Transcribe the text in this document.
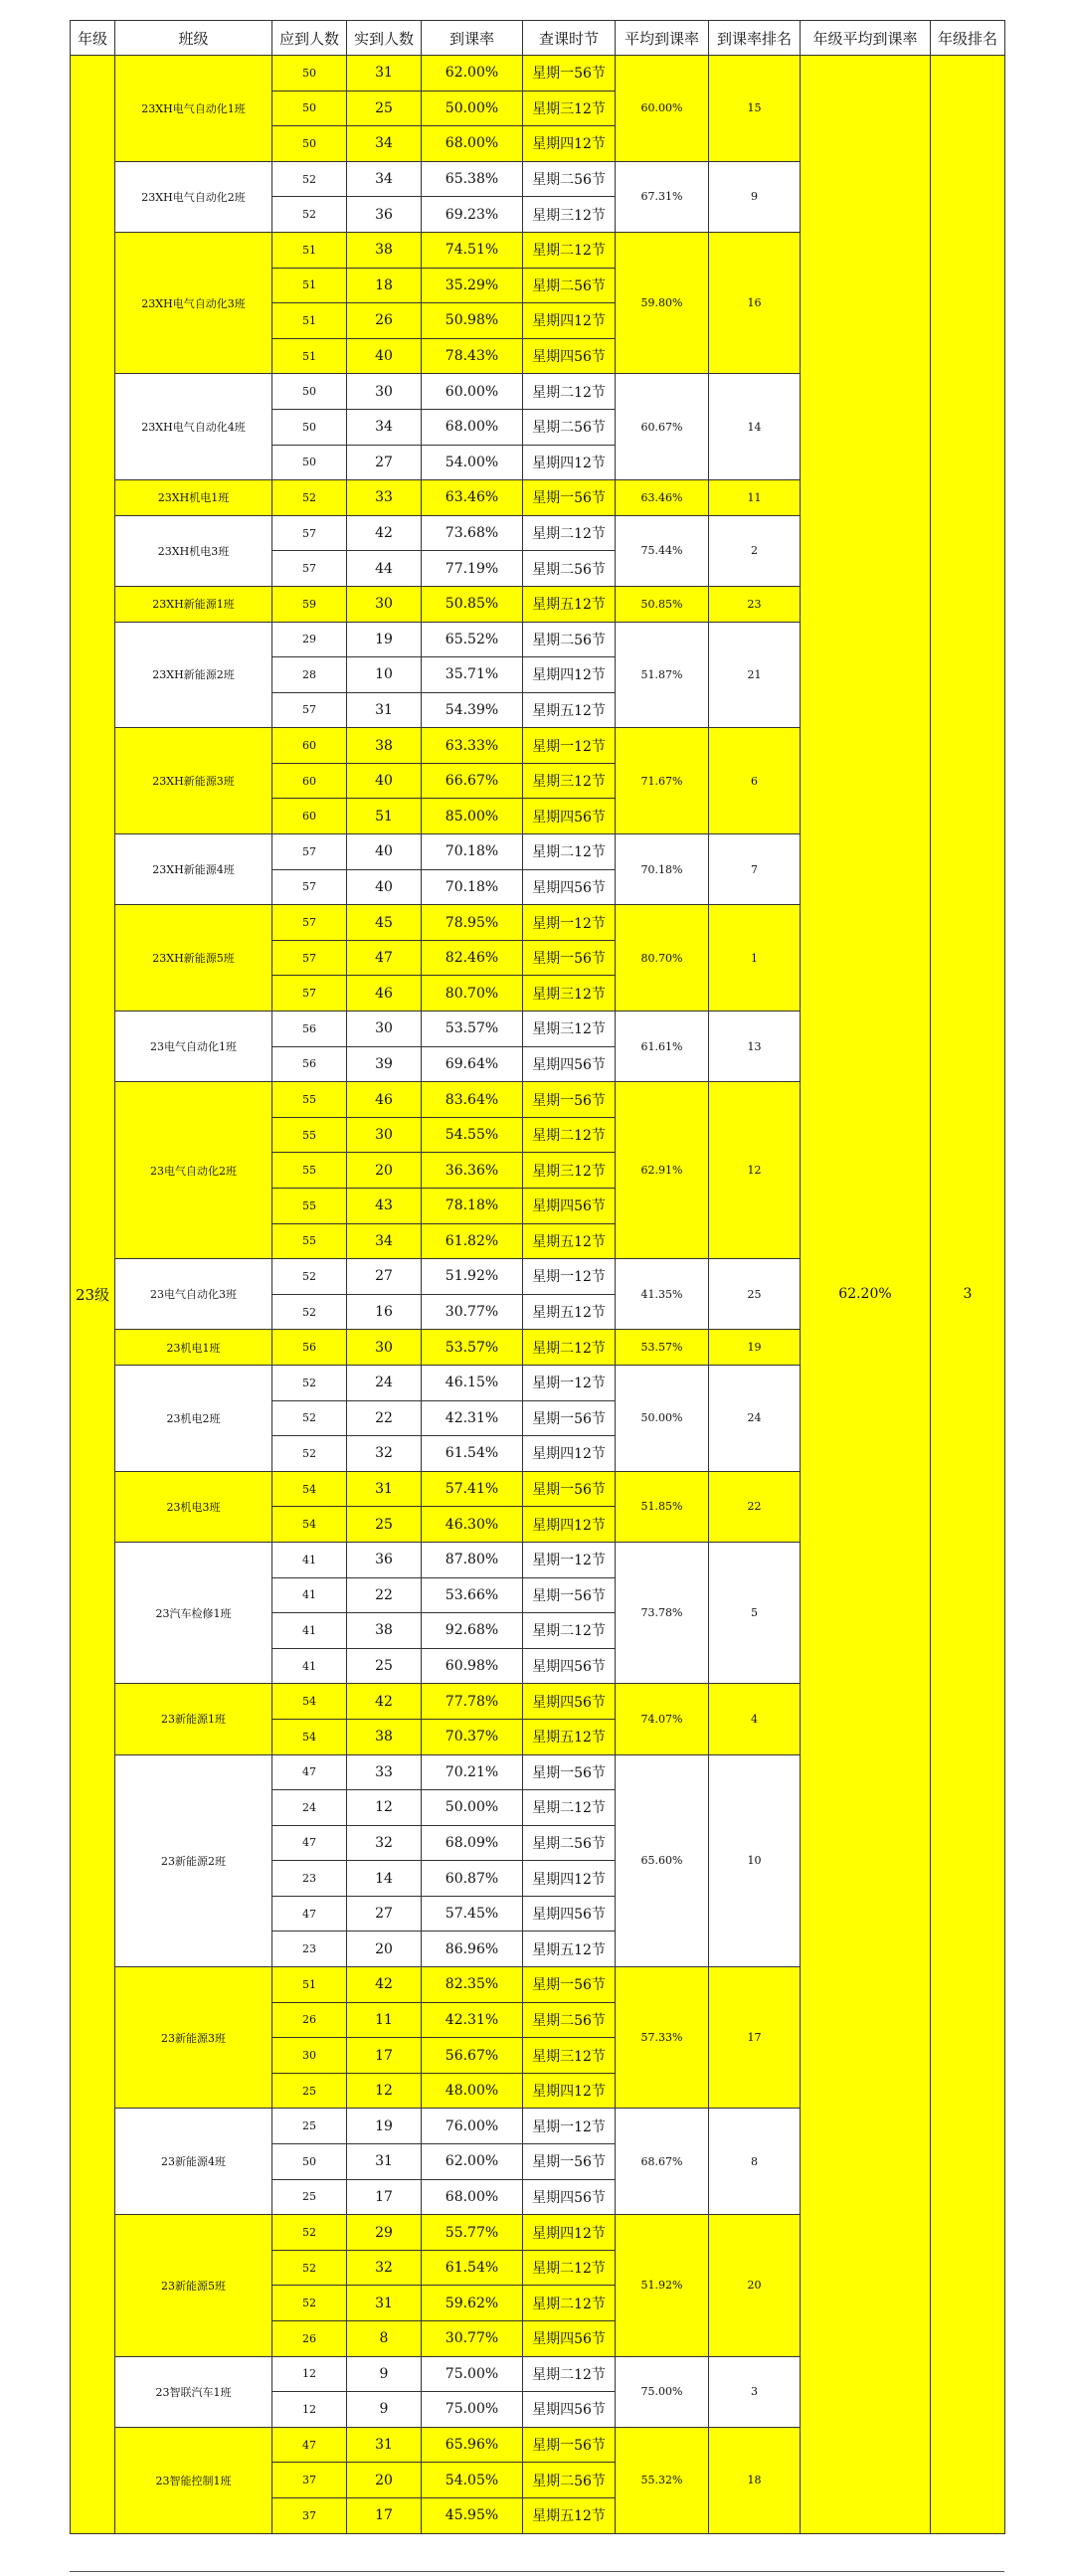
年级	班级	应到人数	实到人数	到课率	查课时节	平均到课率	到课率排名	年级平均到课率	年级排名
23级	23XH电气自动化1班	50	31	62.00%	星期一56节	60.00%	15	62.20%	3
		50	25	50.00%	星期三12节				
		50	34	68.00%	星期四12节				
	23XH电气自动化2班	52	34	65.38%	星期二56节	67.31%	9		
		52	36	69.23%	星期三12节				
	23XH电气自动化3班	51	38	74.51%	星期二12节	59.80%	16		
		51	18	35.29%	星期二56节				
		51	26	50.98%	星期四12节				
		51	40	78.43%	星期四56节				
	23XH电气自动化4班	50	30	60.00%	星期二12节	60.67%	14		
		50	34	68.00%	星期二56节				
		50	27	54.00%	星期四12节				
	23XH机电1班	52	33	63.46%	星期一56节	63.46%	11		
	23XH机电3班	57	42	73.68%	星期二12节	75.44%	2		
		57	44	77.19%	星期二56节				
	23XH新能源1班	59	30	50.85%	星期五12节	50.85%	23		
	23XH新能源2班	29	19	65.52%	星期二56节	51.87%	21		
		28	10	35.71%	星期四12节				
		57	31	54.39%	星期五12节				
	23XH新能源3班	60	38	63.33%	星期一12节	71.67%	6		
		60	40	66.67%	星期三12节				
		60	51	85.00%	星期四56节				
	23XH新能源4班	57	40	70.18%	星期二12节	70.18%	7		
		57	40	70.18%	星期四56节				
	23XH新能源5班	57	45	78.95%	星期一12节	80.70%	1		
		57	47	82.46%	星期一56节				
		57	46	80.70%	星期三12节				
	23电气自动化1班	56	30	53.57%	星期三12节	61.61%	13		
		56	39	69.64%	星期四56节				
	23电气自动化2班	55	46	83.64%	星期一56节	62.91%	12		
		55	30	54.55%	星期二12节				
		55	20	36.36%	星期三12节				
		55	43	78.18%	星期四56节				
		55	34	61.82%	星期五12节				
	23电气自动化3班	52	27	51.92%	星期一12节	41.35%	25		
		52	16	30.77%	星期五12节				
	23机电1班	56	30	53.57%	星期二12节	53.57%	19		
	23机电2班	52	24	46.15%	星期一12节	50.00%	24		
		52	22	42.31%	星期一56节				
		52	32	61.54%	星期四12节				
	23机电3班	54	31	57.41%	星期一56节	51.85%	22		
		54	25	46.30%	星期四12节				
	23汽车检修1班	41	36	87.80%	星期一12节	73.78%	5		
		41	22	53.66%	星期一56节				
		41	38	92.68%	星期二12节				
		41	25	60.98%	星期四56节				
	23新能源1班	54	42	77.78%	星期四56节	74.07%	4		
		54	38	70.37%	星期五12节				
	23新能源2班	47	33	70.21%	星期一56节	65.60%	10		
		24	12	50.00%	星期二12节				
		47	32	68.09%	星期二56节				
		23	14	60.87%	星期四12节				
		47	27	57.45%	星期四56节				
		23	20	86.96%	星期五12节				
	23新能源3班	51	42	82.35%	星期一56节	57.33%	17		
		26	11	42.31%	星期二56节				
		30	17	56.67%	星期三12节				
		25	12	48.00%	星期四12节				
	23新能源4班	25	19	76.00%	星期一12节	68.67%	8		
		50	31	62.00%	星期一56节				
		25	17	68.00%	星期四56节				
	23新能源5班	52	29	55.77%	星期四12节	51.92%	20		
		52	32	61.54%	星期二12节				
		52	31	59.62%	星期二12节				
		26	8	30.77%	星期四56节				
	23智联汽车1班	12	9	75.00%	星期二12节	75.00%	3		
		12	9	75.00%	星期四56节				
	23智能控制1班	47	31	65.96%	星期一56节	55.32%	18		
		37	20	54.05%	星期二56节				
		37	17	45.95%	星期五12节				
